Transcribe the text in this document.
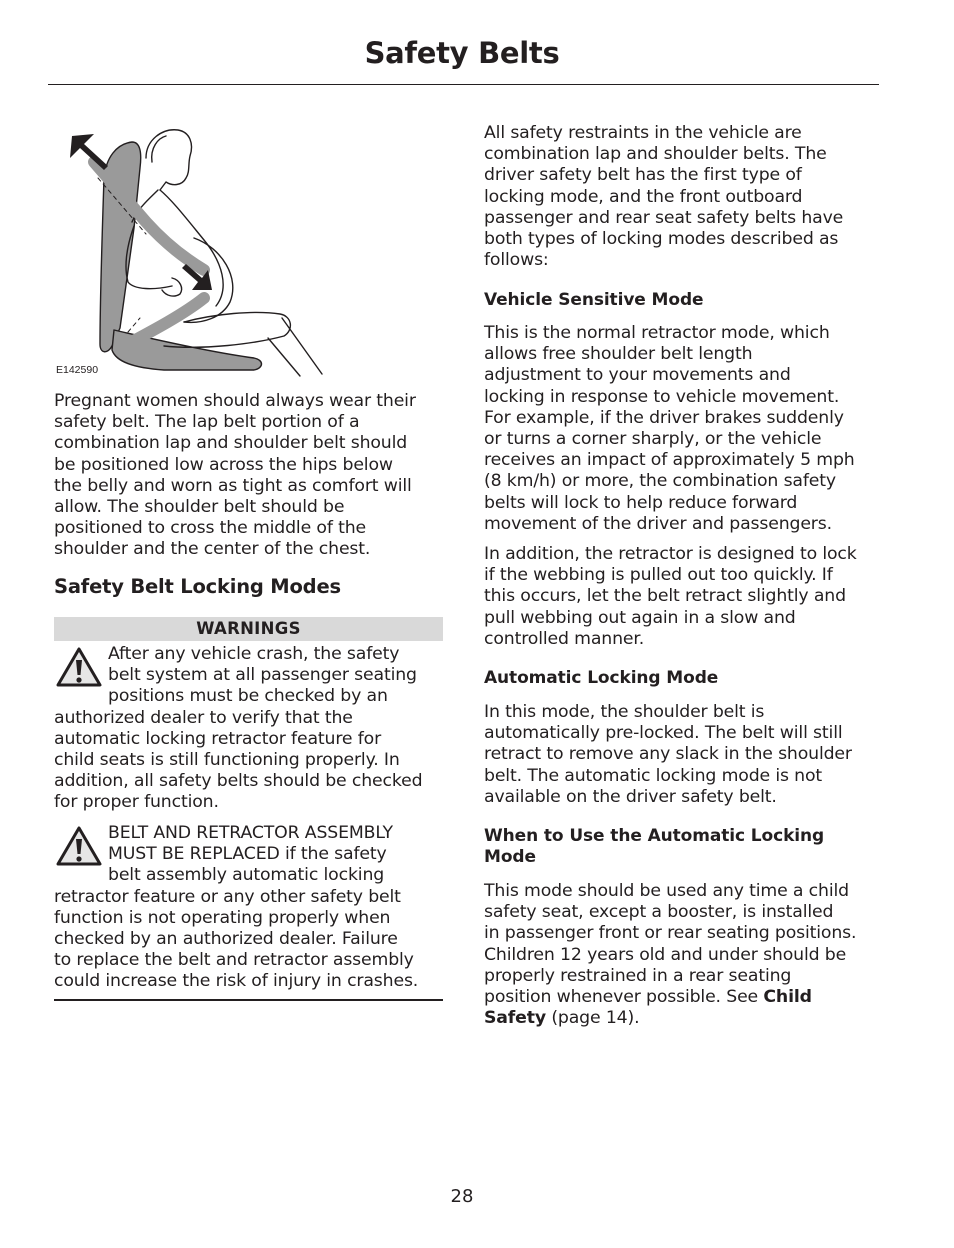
Safety Belts
E142590
Pregnant women should always wear their
safety belt. The lap belt portion of a
combination lap and shoulder belt should
be positioned low across the hips below
the belly and worn as tight as comfort will
allow. The shoulder belt should be
positioned to cross the middle of the
shoulder and the center of the chest.
Safety Belt Locking Modes
WARNINGS
After any vehicle crash, the safety
belt system at all passenger seating
positions must be checked by an
authorized dealer to verify that the
automatic locking retractor feature for
child seats is still functioning properly. In
addition, all safety belts should be checked
for proper function.
BELT AND RETRACTOR ASSEMBLY
MUST BE REPLACED if the safety
belt assembly automatic locking
retractor feature or any other safety belt
function is not operating properly when
checked by an authorized dealer. Failure
to replace the belt and retractor assembly
could increase the risk of injury in crashes.
All safety restraints in the vehicle are
combination lap and shoulder belts. The
driver safety belt has the first type of
locking mode, and the front outboard
passenger and rear seat safety belts have
both types of locking modes described as
follows:
Vehicle Sensitive Mode
This is the normal retractor mode, which
allows free shoulder belt length
adjustment to your movements and
locking in response to vehicle movement.
For example, if the driver brakes suddenly
or turns a corner sharply, or the vehicle
receives an impact of approximately 5 mph
(8 km/h) or more, the combination safety
belts will lock to help reduce forward
movement of the driver and passengers.
In addition, the retractor is designed to lock
if the webbing is pulled out too quickly. If
this occurs, let the belt retract slightly and
pull webbing out again in a slow and
controlled manner.
Automatic Locking Mode
In this mode, the shoulder belt is
automatically pre-locked. The belt will still
retract to remove any slack in the shoulder
belt. The automatic locking mode is not
available on the driver safety belt.
When to Use the Automatic Locking
Mode
This mode should be used any time a child
safety seat, except a booster, is installed
in passenger front or rear seating positions.
Children 12 years old and under should be
properly restrained in a rear seating
position whenever possible. See Child
Safety (page 14).
28
